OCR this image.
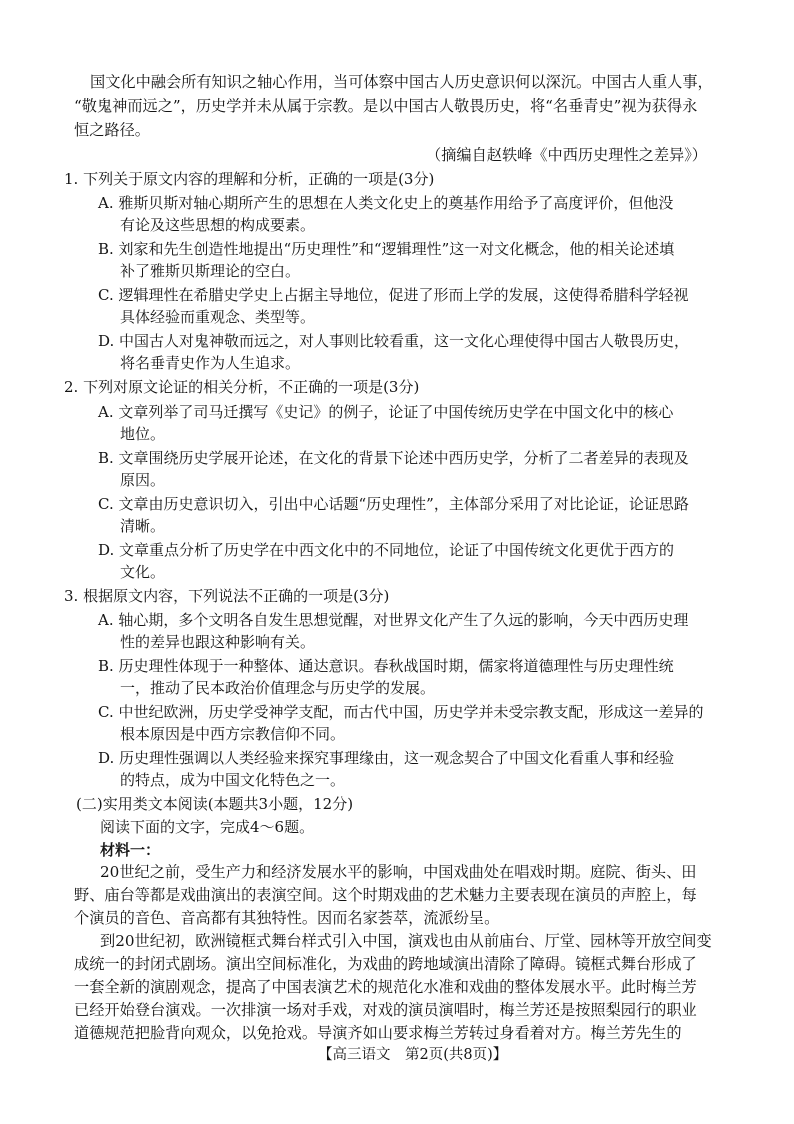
国文化中融会所有知识之轴心作用，当可体察中国古人历史意识何以深沉。中国古人重人事，
“敬鬼神而远之”，历史学并未从属于宗教。是以中国古人敬畏历史，将“名垂青史”视为获得永
恒之路径。
（摘编自赵轶峰《中西历史理性之差异》）
1. 下列关于原文内容的理解和分析，正确的一项是(3分)
A. 雅斯贝斯对轴心期所产生的思想在人类文化史上的奠基作用给予了高度评价，但他没
有论及这些思想的构成要素。
B. 刘家和先生创造性地提出“历史理性”和“逻辑理性”这一对文化概念，他的相关论述填
补了雅斯贝斯理论的空白。
C. 逻辑理性在希腊史学史上占据主导地位，促进了形而上学的发展，这使得希腊科学轻视
具体经验而重观念、类型等。
D. 中国古人对鬼神敬而远之，对人事则比较看重，这一文化心理使得中国古人敬畏历史，
将名垂青史作为人生追求。
2. 下列对原文论证的相关分析，不正确的一项是(3分)
A. 文章列举了司马迁撰写《史记》的例子，论证了中国传统历史学在中国文化中的核心
地位。
B. 文章围绕历史学展开论述，在文化的背景下论述中西历史学，分析了二者差异的表现及
原因。
C. 文章由历史意识切入，引出中心话题“历史理性”，主体部分采用了对比论证，论证思路
清晰。
D. 文章重点分析了历史学在中西文化中的不同地位，论证了中国传统文化更优于西方的
文化。
3. 根据原文内容，下列说法不正确的一项是(3分)
A. 轴心期，多个文明各自发生思想觉醒，对世界文化产生了久远的影响，今天中西历史理
性的差异也跟这种影响有关。
B. 历史理性体现于一种整体、通达意识。春秋战国时期，儒家将道德理性与历史理性统
一，推动了民本政治价值理念与历史学的发展。
C. 中世纪欧洲，历史学受神学支配，而古代中国，历史学并未受宗教支配，形成这一差异的
根本原因是中西方宗教信仰不同。
D. 历史理性强调以人类经验来探究事理缘由，这一观念契合了中国文化看重人事和经验
的特点，成为中国文化特色之一。
(二)实用类文本阅读(本题共3小题，12分)
阅读下面的文字，完成4～6题。
材料一：
20世纪之前，受生产力和经济发展水平的影响，中国戏曲处在唱戏时期。庭院、街头、田
野、庙台等都是戏曲演出的表演空间。这个时期戏曲的艺术魅力主要表现在演员的声腔上，每
个演员的音色、音高都有其独特性。因而名家荟萃，流派纷呈。
到20世纪初，欧洲镜框式舞台样式引入中国，演戏也由从前庙台、厅堂、园林等开放空间变
成统一的封闭式剧场。演出空间标准化，为戏曲的跨地域演出清除了障碍。镜框式舞台形成了
一套全新的演剧观念，提高了中国表演艺术的规范化水准和戏曲的整体发展水平。此时梅兰芳
已经开始登台演戏。一次排演一场对手戏，对戏的演员演唱时，梅兰芳还是按照梨园行的职业
道德规范把脸背向观众，以免抢戏。导演齐如山要求梅兰芳转过身看着对方。梅兰芳先生的
【高三语文　第2页(共8页)】
